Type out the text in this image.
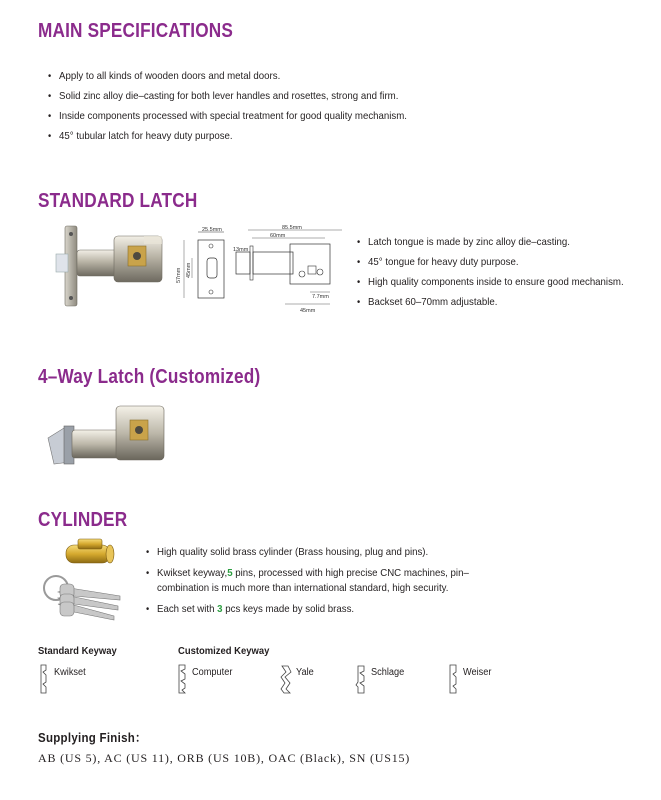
MAIN SPECIFICATIONS
• Apply to all kinds of wooden doors and metal doors.
• Solid zinc alloy die–casting for both lever handles and rosettes, strong and firm.
• Inside components processed with special treatment for good quality mechanism.
• 45° tubular latch for heavy duty purpose.
STANDARD LATCH
25.5mm
57mm 45mm
85.5mm
60mm
13mm
7.7mm
45mm
• Latch tongue is made by zinc alloy die–casting.
• 45° tongue for heavy duty purpose.
• High quality components inside to ensure good mechanism.
• Backset 60–70mm adjustable.
4–Way Latch (Customized)
CYLINDER
• High quality solid brass cylinder (Brass housing, plug and pins).
• Kwikset keyway,5 pins, processed with high precise CNC machines, pin–combination is much more than international standard, high security.
• Each set with 3 pcs keys made by solid brass.
Standard Keyway	Customized Keyway
Kwikset	Computer	Yale	Schlage	Weiser
Supplying Finish：
AB (US 5), AC (US 11), ORB (US 10B), OAC (Black), SN (US15)
